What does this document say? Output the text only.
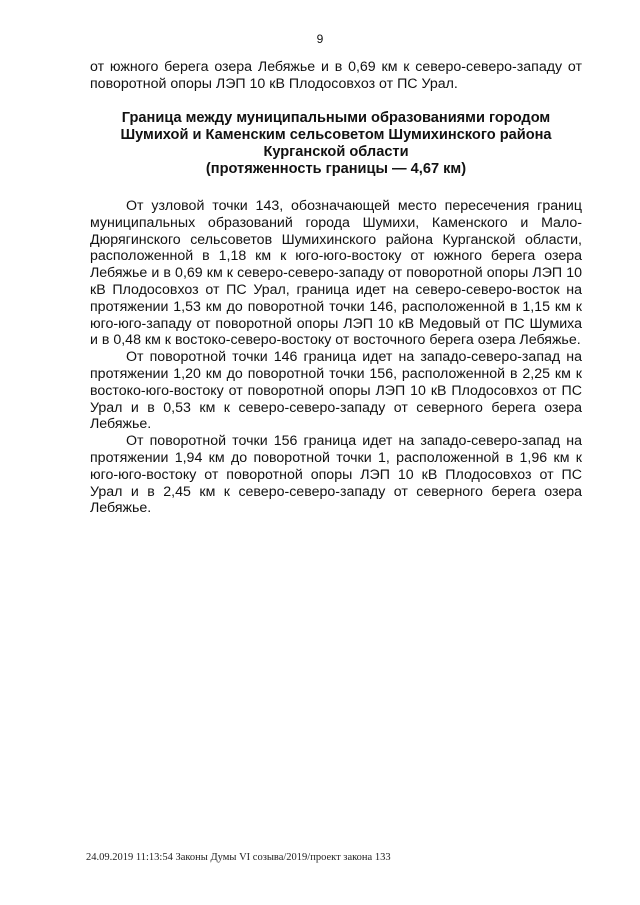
9
от южного берега озера Лебяжье и в 0,69 км к северо-северо-западу от поворотной опоры ЛЭП 10 кВ Плодосовхоз от ПС Урал.
Граница между муниципальными образованиями городом
Шумихой и Каменским сельсоветом Шумихинского района
Курганской области
(протяженность границы — 4,67 км)

От узловой точки 143, обозначающей место пересечения границ муниципальных образований города Шумихи, Каменского и Мало-Дюрягинского сельсоветов Шумихинского района Курганской области, расположенной в 1,18 км к юго-юго-востоку от южного берега озера Лебяжье и в 0,69 км к северо-северо-западу от поворотной опоры ЛЭП 10 кВ Плодосовхоз от ПС Урал, граница идет на северо-северо-восток на протяжении 1,53 км до поворотной точки 146, расположенной в 1,15 км к юго-юго-западу от поворотной опоры ЛЭП 10 кВ Медовый от ПС Шумиха и в 0,48 км к востоко-северо-востоку от восточного берега озера Лебяжье.

От поворотной точки 146 граница идет на западо-северо-запад на протяжении 1,20 км до поворотной точки 156, расположенной в 2,25 км к востоко-юго-востоку от поворотной опоры ЛЭП 10 кВ Плодосовхоз от ПС Урал и в 0,53 км к северо-северо-западу от северного берега озера Лебяжье.

От поворотной точки 156 граница идет на западо-северо-запад на протяжении 1,94 км до поворотной точки 1, расположенной в 1,96 км к юго-юго-востоку от поворотной опоры ЛЭП 10 кВ Плодосовхоз от ПС Урал и в 2,45 км к северо-северо-западу от северного берега озера Лебяжье.

24.09.2019 11:13:54 Законы Думы VI созыва/2019/проект закона 133
